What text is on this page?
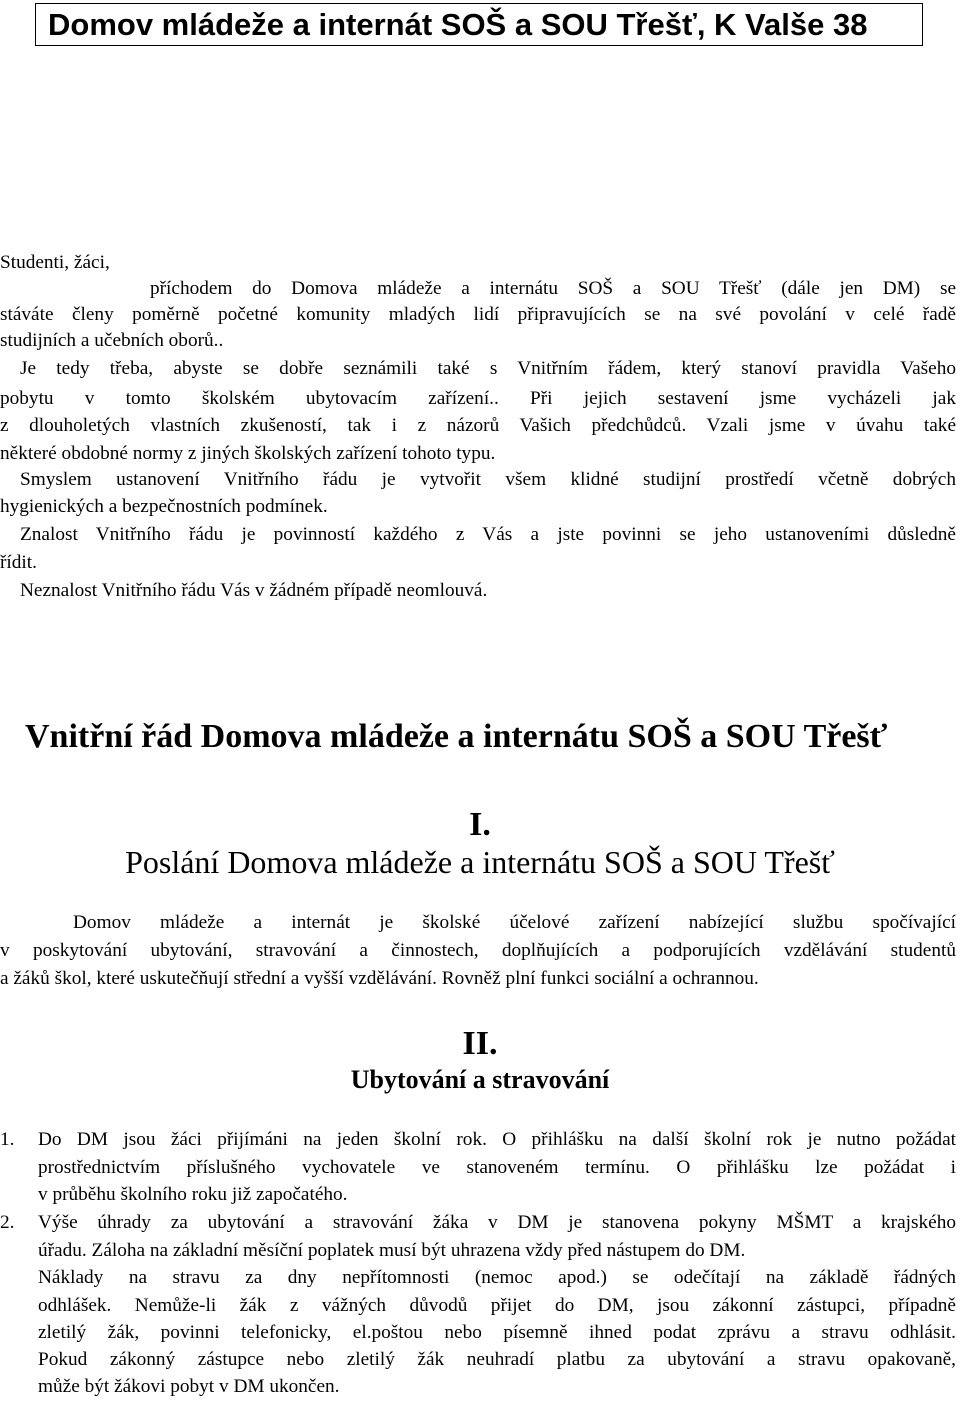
Domov mládeže a internát SOŠ a SOU Třešť, K Valše 38
Studenti, žáci,
příchodem do Domova mládeže a internátu SOŠ a SOU Třešť (dále jen DM) se
stáváte členy poměrně početné komunity mladých lidí připravujících se na své povolání v celé řadě
studijních a učebních oborů..
Je tedy třeba, abyste se dobře seznámili také s Vnitřním řádem, který stanoví pravidla Vašeho
pobytu v tomto školském ubytovacím zařízení.. Při jejich sestavení jsme vycházeli jak
z dlouholetých vlastních zkušeností, tak i z názorů Vašich předchůdců. Vzali jsme v úvahu také
některé obdobné normy z jiných školských zařízení tohoto typu.
Smyslem ustanovení Vnitřního řádu je vytvořit všem klidné studijní prostředí včetně dobrých
hygienických a bezpečnostních podmínek.
Znalost Vnitřního řádu je povinností každého z Vás a jste povinni se jeho ustanoveními důsledně
řídit.
Neznalost Vnitřního řádu Vás v žádném případě neomlouvá.
Vnitřní řád Domova mládeže a internátu SOŠ a SOU Třešť
I.
Poslání Domova mládeže a internátu SOŠ a SOU Třešť
Domov mládeže a internát je školské účelové zařízení nabízející službu spočívající
v poskytování ubytování, stravování a činnostech, doplňujících a podporujících vzdělávání studentů
a žáků škol, které uskutečňují střední a vyšší vzdělávání. Rovněž plní funkci sociální a ochrannou.
II.
Ubytování a stravování
1. Do DM jsou žáci přijímáni na jeden školní rok. O přihlášku na další školní rok je nutno požádat
prostřednictvím příslušného vychovatele ve stanoveném termínu. O přihlášku lze požádat i
v průběhu školního roku již započatého.
2. Výše úhrady za ubytování a stravování žáka v DM je stanovena pokyny MŠMT a krajského
úřadu. Záloha na základní měsíční poplatek musí být uhrazena vždy před nástupem do DM.
Náklady na stravu za dny nepřítomnosti (nemoc apod.) se odečítají na základě řádných
odhlášek. Nemůže-li žák z vážných důvodů přijet do DM, jsou zákonní zástupci, případně
zletilý žák, povinni telefonicky, el.poštou nebo písemně ihned podat zprávu a stravu odhlásit.
Pokud zákonný zástupce nebo zletilý žák neuhradí platbu za ubytování a stravu opakovaně,
může být žákovi pobyt v DM ukončen.
